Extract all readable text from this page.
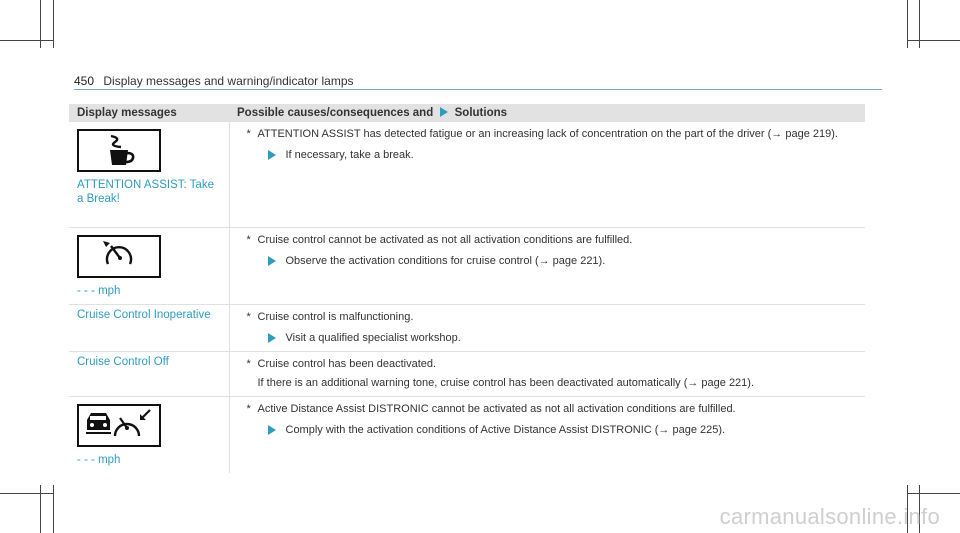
450 Display messages and warning/indicator lamps
Display messages	Possible causes/consequences and Solutions

ATTENTION ASSIST: Take a Break!	* ATTENTION ASSIST has detected fatigue or an increasing lack of concentration on the part of the driver (→ page 219).
If necessary, take a break.

- - - mph	* Cruise control cannot be activated as not all activation conditions are fulfilled.
Observe the activation conditions for cruise control (→ page 221).

Cruise Control Inoperative	* Cruise control is malfunctioning.
Visit a qualified specialist workshop.

Cruise Control Off	* Cruise control has been deactivated.
If there is an additional warning tone, cruise control has been deactivated automatically (→ page 221).

- - - mph	* Active Distance Assist DISTRONIC cannot be activated as not all activation conditions are fulfilled.
Comply with the activation conditions of Active Distance Assist DISTRONIC (→ page 225).
carmanualsonline.info
